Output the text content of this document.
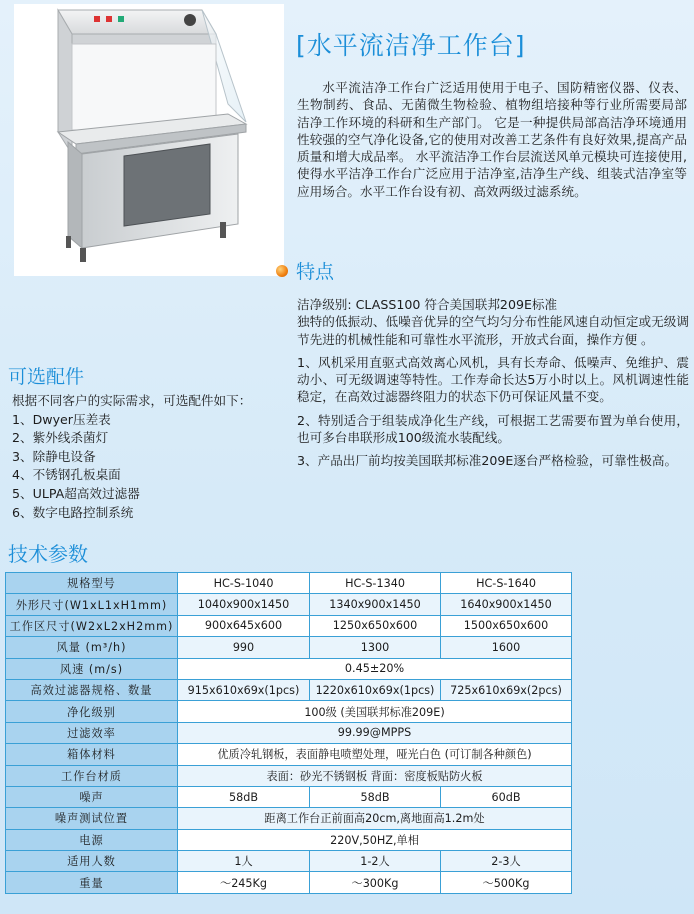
[水平流洁净工作台]
水平流洁净工作台广泛适用使用于电子、国防精密仪器、仪表、生物制药、食品、无菌微生物检验、植物组培接种等行业所需要局部洁净工作环境的科研和生产部门。 它是一种提供局部高洁净环境通用性较强的空气净化设备,它的使用对改善工艺条件有良好效果,提高产品质量和增大成品率。 水平流洁净工作台层流送风单元模块可连接使用,使得水平洁净工作台广泛应用于洁净室,洁净生产线、组装式洁净室等应用场合。水平工作台设有初、高效两级过滤系统。
特点

洁净级别: CLASS100 符合美国联邦209E标准

独特的低振动、低噪音优异的空气均匀分布性能风速自动恒定或无级调节先进的机械性能和可靠性水平流形，开放式台面，操作方便 。

1、风机采用直驱式高效离心风机，具有长寿命、低噪声、免维护、震动小、可无级调速等特性。工作寿命长达5万小时以上。风机调速性能稳定，在高效过滤器终阻力的状态下仍可保证风量不变。

2、特别适合于组装成净化生产线，可根据工艺需要布置为单台使用，也可多台串联形成100级流水装配线。

3、产品出厂前均按美国联邦标准209E逐台严格检验，可靠性极高。

可选配件
根据不同客户的实际需求，可选配件如下：
1、Dwyer压差表
2、紫外线杀菌灯
3、除静电设备
4、不锈钢孔板桌面
5、ULPA超高效过滤器
6、数字电路控制系统
技术参数
规格型号	HC-S-1040	HC-S-1340	HC-S-1640
外形尺寸(W1xL1xH1mm)	1040x900x1450	1340x900x1450	1640x900x1450
工作区尺寸(W2xL2xH2mm)	900x645x600	1250x650x600	1500x650x600
风量 (m³/h)	990	1300	1600
风速 (m/s)	0.45±20%		
高效过滤器规格、数量	915x610x69x(1pcs)	1220x610x69x(1pcs)	725x610x69x(2pcs)
净化级别	100级 (美国联邦标准209E)		
过滤效率	99.99@MPPS		
箱体材料	优质冷轧钢板，表面静电喷塑处理，哑光白色 (可订制各种颜色)		
工作台材质	表面：砂光不锈钢板 背面：密度板贴防火板		
噪声	58dB	58dB	60dB
噪声测试位置	距离工作台正前面高20cm,离地面高1.2m处		
电源	220V,50HZ,单相		
适用人数	1人	1-2人	2-3人
重量	～245Kg	～300Kg	～500Kg
